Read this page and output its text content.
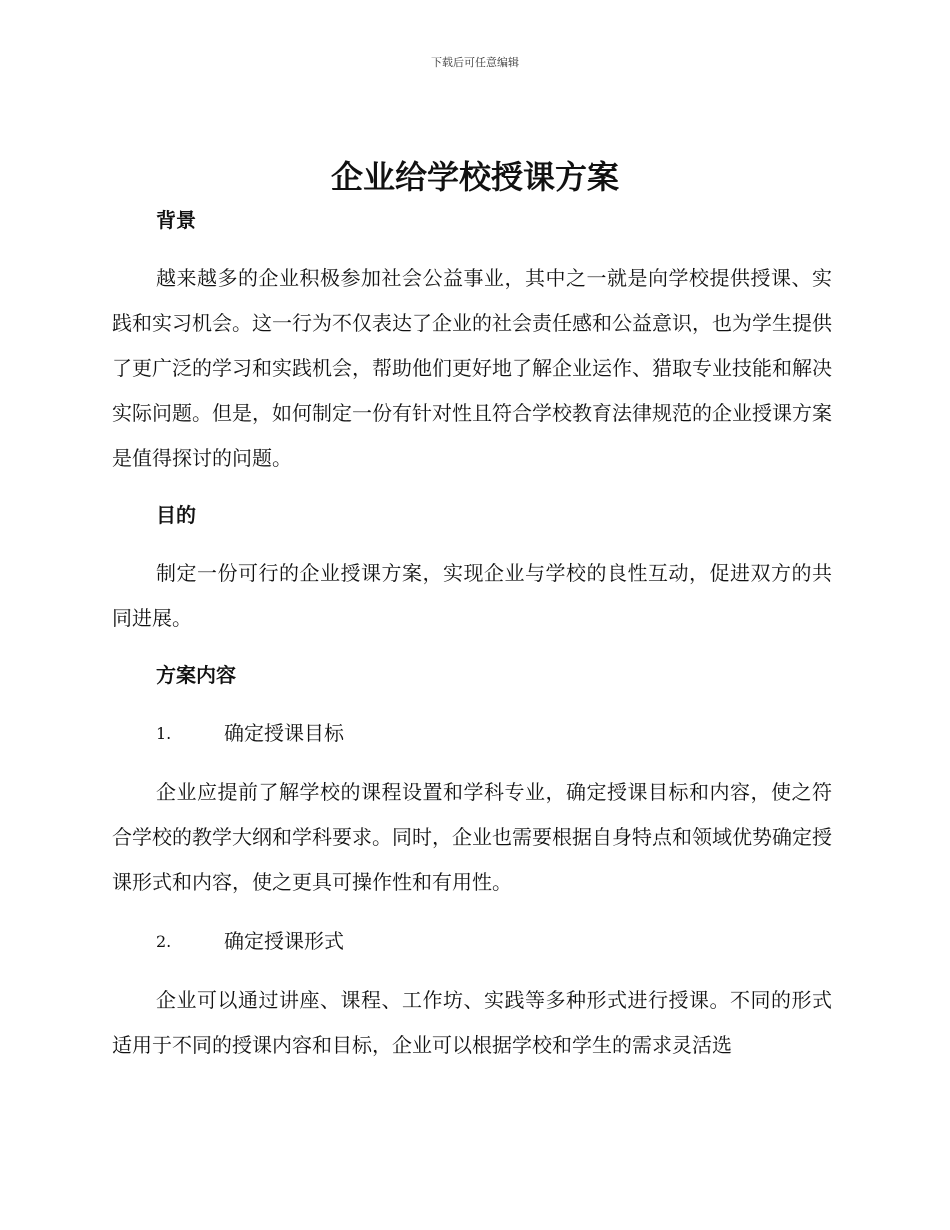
下载后可任意编辑
企业给学校授课方案

背景

越来越多的企业积极参加社会公益事业，其中之一就是向学校提供授课、实践和实习机会。这一行为不仅表达了企业的社会责任感和公益意识，也为学生提供了更广泛的学习和实践机会，帮助他们更好地了解企业运作、猎取专业技能和解决实际问题。但是，如何制定一份有针对性且符合学校教育法律规范的企业授课方案是值得探讨的问题。

目的

制定一份可行的企业授课方案，实现企业与学校的良性互动，促进双方的共同进展。

方案内容

1.	确定授课目标

企业应提前了解学校的课程设置和学科专业，确定授课目标和内容，使之符合学校的教学大纲和学科要求。同时，企业也需要根据自身特点和领域优势确定授课形式和内容，使之更具可操作性和有用性。

2.	确定授课形式

企业可以通过讲座、课程、工作坊、实践等多种形式进行授课。不同的形式适用于不同的授课内容和目标，企业可以根据学校和学生的需求灵活选
